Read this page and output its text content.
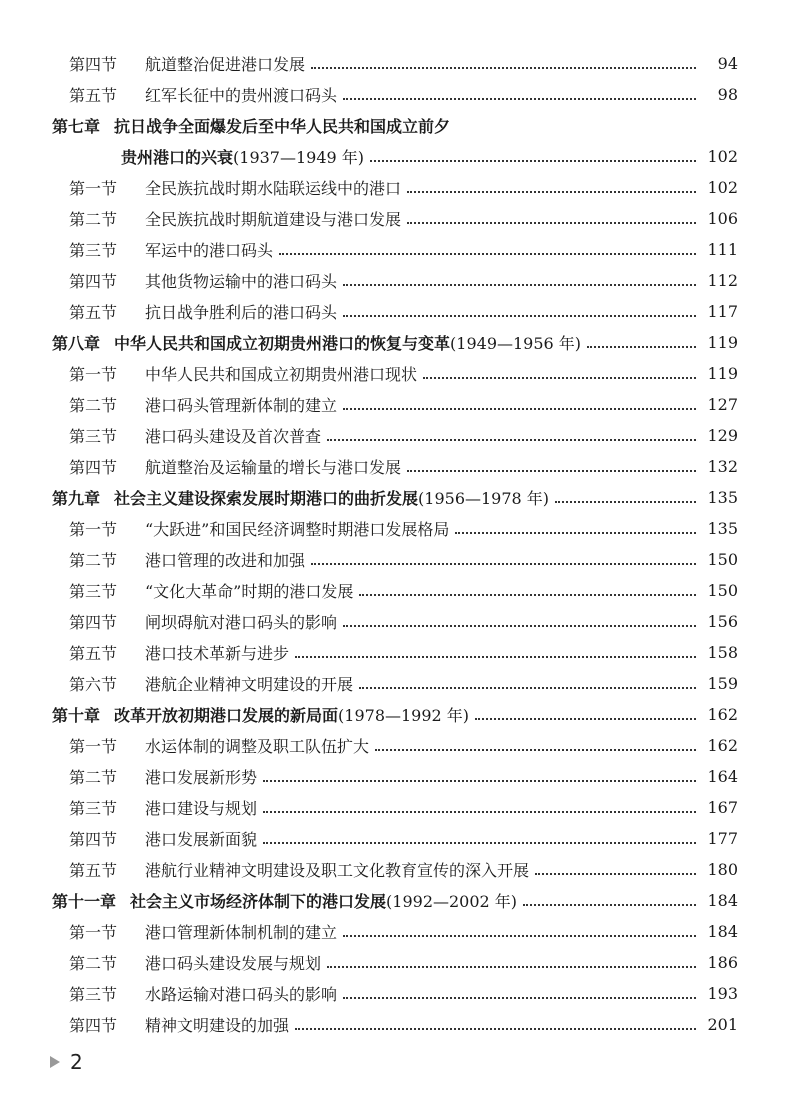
第四节	航道整治促进港口发展	94
第五节	红军长征中的贵州渡口码头	98
第七章 抗日战争全面爆发后至中华人民共和国成立前夕
贵州港口的兴衰(1937—1949 年)	102
第一节	全民族抗战时期水陆联运线中的港口	102
第二节	全民族抗战时期航道建设与港口发展	106
第三节	军运中的港口码头	111
第四节	其他货物运输中的港口码头	112
第五节	抗日战争胜利后的港口码头	117
第八章 中华人民共和国成立初期贵州港口的恢复与变革(1949—1956 年)	119
第一节	中华人民共和国成立初期贵州港口现状	119
第二节	港口码头管理新体制的建立	127
第三节	港口码头建设及首次普查	129
第四节	航道整治及运输量的增长与港口发展	132
第九章 社会主义建设探索发展时期港口的曲折发展(1956—1978 年)	135
第一节	“大跃进”和国民经济调整时期港口发展格局	135
第二节	港口管理的改进和加强	150
第三节	“文化大革命”时期的港口发展	150
第四节	闸坝碍航对港口码头的影响	156
第五节	港口技术革新与进步	158
第六节	港航企业精神文明建设的开展	159
第十章 改革开放初期港口发展的新局面(1978—1992 年)	162
第一节	水运体制的调整及职工队伍扩大	162
第二节	港口发展新形势	164
第三节	港口建设与规划	167
第四节	港口发展新面貌	177
第五节	港航行业精神文明建设及职工文化教育宣传的深入开展	180
第十一章 社会主义市场经济体制下的港口发展(1992—2002 年)	184
第一节	港口管理新体制机制的建立	184
第二节	港口码头建设发展与规划	186
第三节	水路运输对港口码头的影响	193
第四节	精神文明建设的加强	201
2
